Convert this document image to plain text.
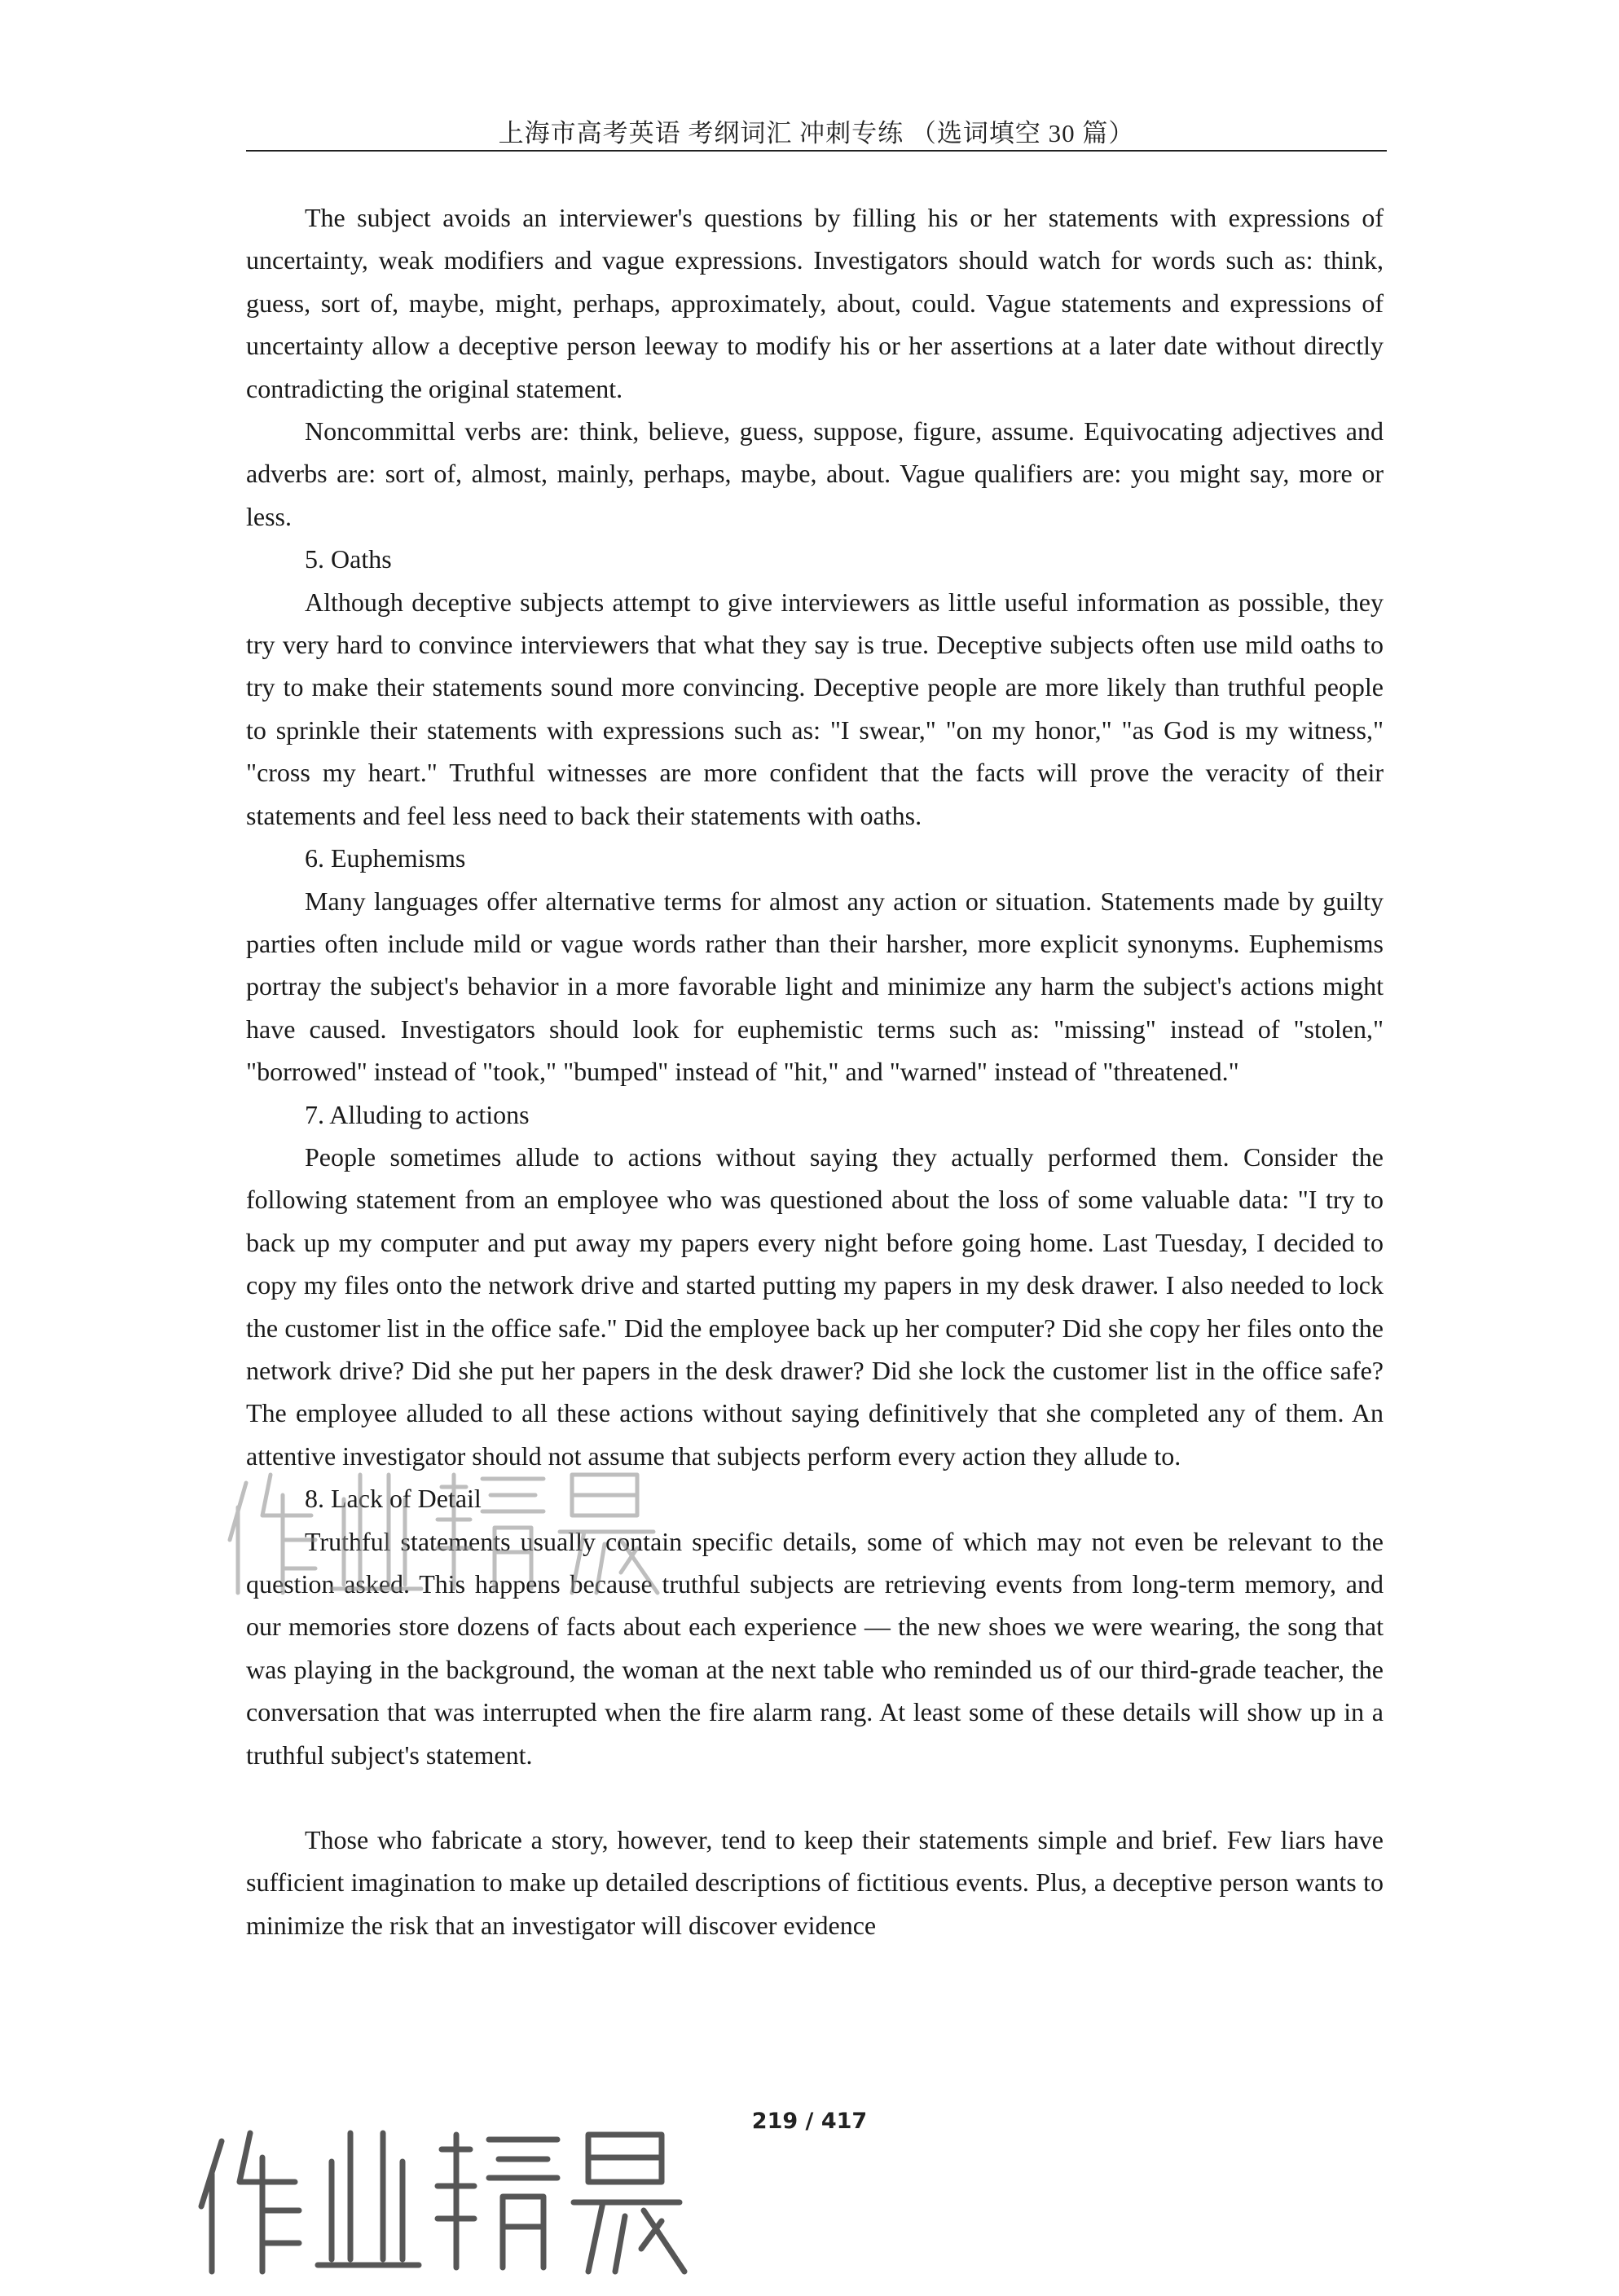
上海市高考英语 考纲词汇 冲刺专练 （选词填空 30 篇）

The subject avoids an interviewer's questions by filling his or her statements with expressions of uncertainty, weak modifiers and vague expressions. Investigators should watch for words such as: think, guess, sort of, maybe, might, perhaps, approximately, about, could. Vague statements and expressions of uncertainty allow a deceptive person leeway to modify his or her assertions at a later date without directly contradicting the original statement.

Noncommittal verbs are: think, believe, guess, suppose, figure, assume. Equivocating adjectives and adverbs are: sort of, almost, mainly, perhaps, maybe, about. Vague qualifiers are: you might say, more or less.

5. Oaths

Although deceptive subjects attempt to give interviewers as little useful information as possible, they try very hard to convince interviewers that what they say is true. Deceptive subjects often use mild oaths to try to make their statements sound more convincing. Deceptive people are more likely than truthful people to sprinkle their statements with expressions such as: "I swear," "on my honor," "as God is my witness," "cross my heart." Truthful witnesses are more confident that the facts will prove the veracity of their statements and feel less need to back their statements with oaths.

6. Euphemisms

Many languages offer alternative terms for almost any action or situation. Statements made by guilty parties often include mild or vague words rather than their harsher, more explicit synonyms. Euphemisms portray the subject's behavior in a more favorable light and minimize any harm the subject's actions might have caused. Investigators should look for euphemistic terms such as: "missing" instead of "stolen," "borrowed" instead of "took," "bumped" instead of "hit," and "warned" instead of "threatened."

7. Alluding to actions

People sometimes allude to actions without saying they actually performed them. Consider the following statement from an employee who was questioned about the loss of some valuable data: "I try to back up my computer and put away my papers every night before going home. Last Tuesday, I decided to copy my files onto the network drive and started putting my papers in my desk drawer. I also needed to lock the customer list in the office safe." Did the employee back up her computer? Did she copy her files onto the network drive? Did she put her papers in the desk drawer? Did she lock the customer list in the office safe? The employee alluded to all these actions without saying definitively that she completed any of them. An attentive investigator should not assume that subjects perform every action they allude to.

8. Lack of Detail

Truthful statements usually contain specific details, some of which may not even be relevant to the question asked. This happens because truthful subjects are retrieving events from long-term memory, and our memories store dozens of facts about each experience — the new shoes we were wearing, the song that was playing in the background, the woman at the next table who reminded us of our third-grade teacher, the conversation that was interrupted when the fire alarm rang. At least some of these details will show up in a truthful subject's statement.

Those who fabricate a story, however, tend to keep their statements simple and brief. Few liars have sufficient imagination to make up detailed descriptions of fictitious events. Plus, a deceptive person wants to minimize the risk that an investigator will discover evidence

219 / 417
